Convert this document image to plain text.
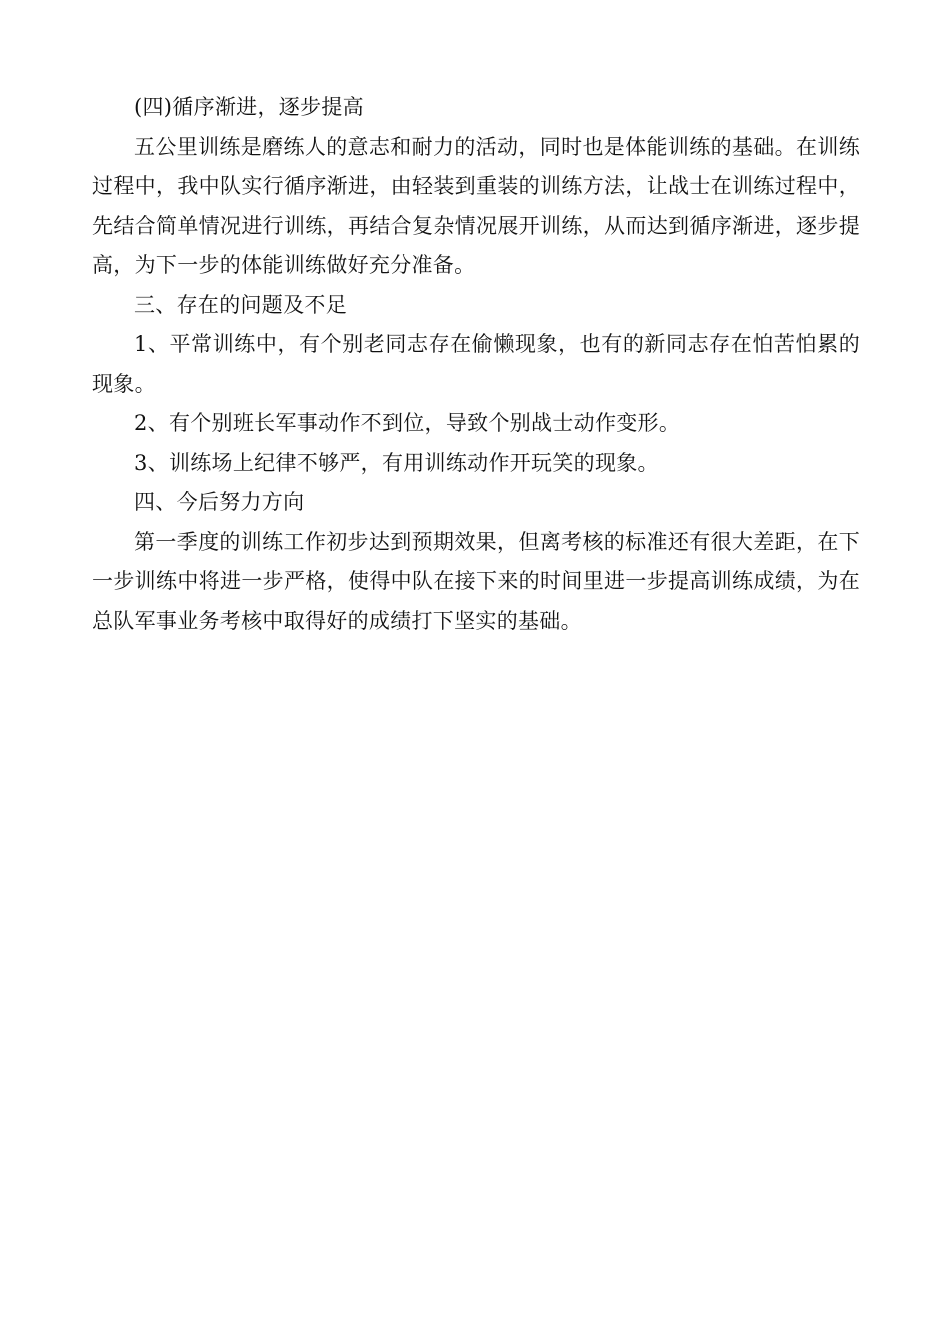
(四)循序渐进，逐步提高

五公里训练是磨练人的意志和耐力的活动，同时也是体能训练的基础。在训练过程中，我中队实行循序渐进，由轻装到重装的训练方法，让战士在训练过程中，先结合简单情况进行训练，再结合复杂情况展开训练，从而达到循序渐进，逐步提高，为下一步的体能训练做好充分准备。

三、存在的问题及不足

1、平常训练中，有个别老同志存在偷懒现象，也有的新同志存在怕苦怕累的现象。

2、有个别班长军事动作不到位，导致个别战士动作变形。

3、训练场上纪律不够严，有用训练动作开玩笑的现象。

四、今后努力方向

第一季度的训练工作初步达到预期效果，但离考核的标准还有很大差距，在下一步训练中将进一步严格，使得中队在接下来的时间里进一步提高训练成绩，为在总队军事业务考核中取得好的成绩打下坚实的基础。
